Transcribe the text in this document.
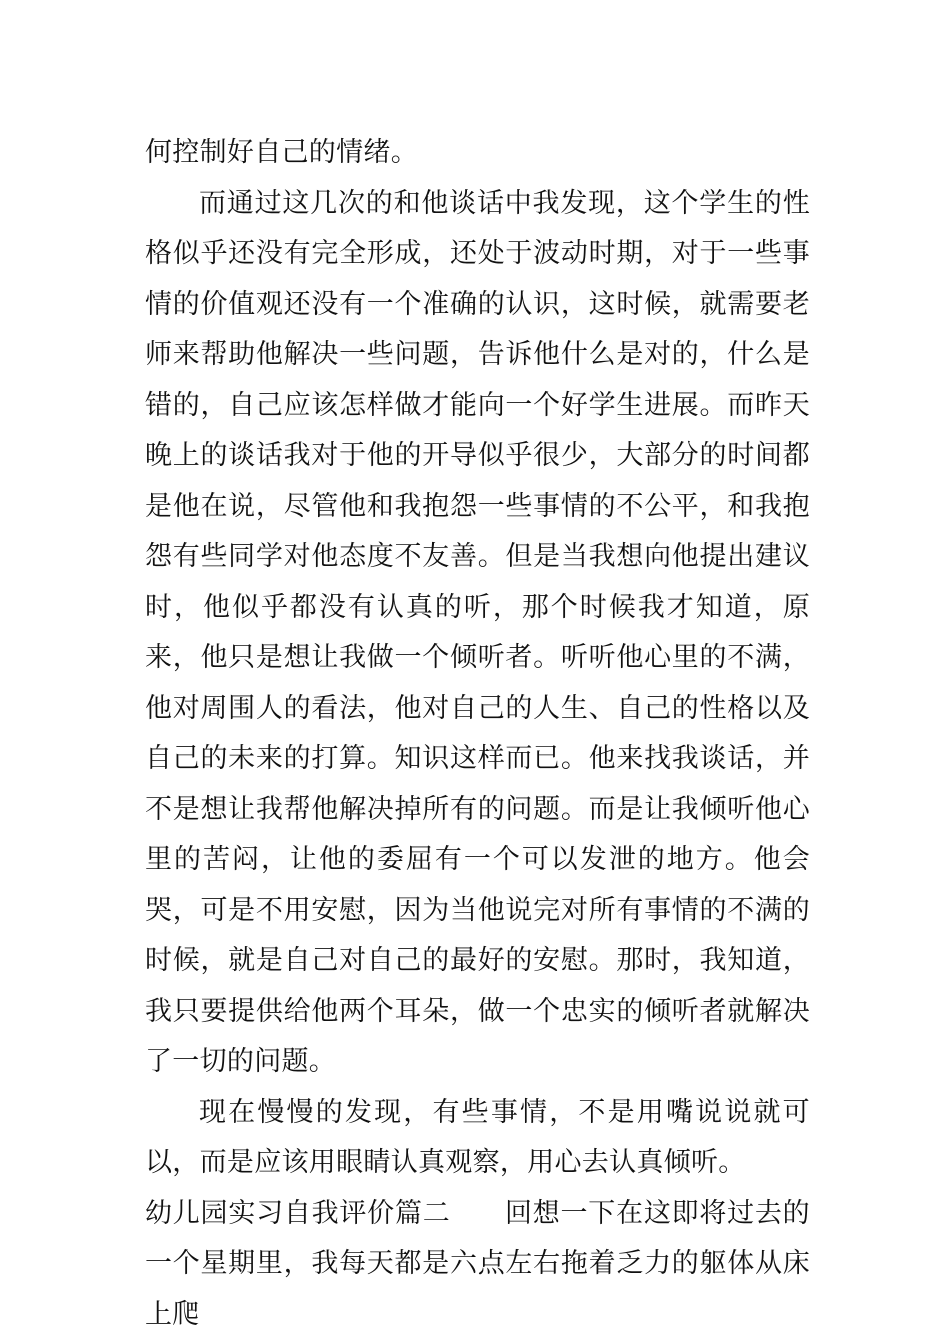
何控制好自己的情绪。

而通过这几次的和他谈话中我发现，这个学生的性格似乎还没有完全形成，还处于波动时期，对于一些事情的价值观还没有一个准确的认识，这时候，就需要老师来帮助他解决一些问题，告诉他什么是对的，什么是错的，自己应该怎样做才能向一个好学生进展。而昨天晚上的谈话我对于他的开导似乎很少，大部分的时间都是他在说，尽管他和我抱怨一些事情的不公平，和我抱怨有些同学对他态度不友善。但是当我想向他提出建议时，他似乎都没有认真的听，那个时候我才知道，原来，他只是想让我做一个倾听者。听听他心里的不满，他对周围人的看法，他对自己的人生、自己的性格以及自己的未来的打算。知识这样而已。他来找我谈话，并不是想让我帮他解决掉所有的问题。而是让我倾听他心里的苦闷，让他的委屈有一个可以发泄的地方。他会哭，可是不用安慰，因为当他说完对所有事情的不满的时候，就是自己对自己的最好的安慰。那时，我知道，我只要提供给他两个耳朵，做一个忠实的倾听者就解决了一切的问题。

现在慢慢的发现，有些事情，不是用嘴说说就可以，而是应该用眼睛认真观察，用心去认真倾听。

幼儿园实习自我评价篇二 回想一下在这即将过去的一个星期里，我每天都是六点左右拖着乏力的躯体从床上爬
